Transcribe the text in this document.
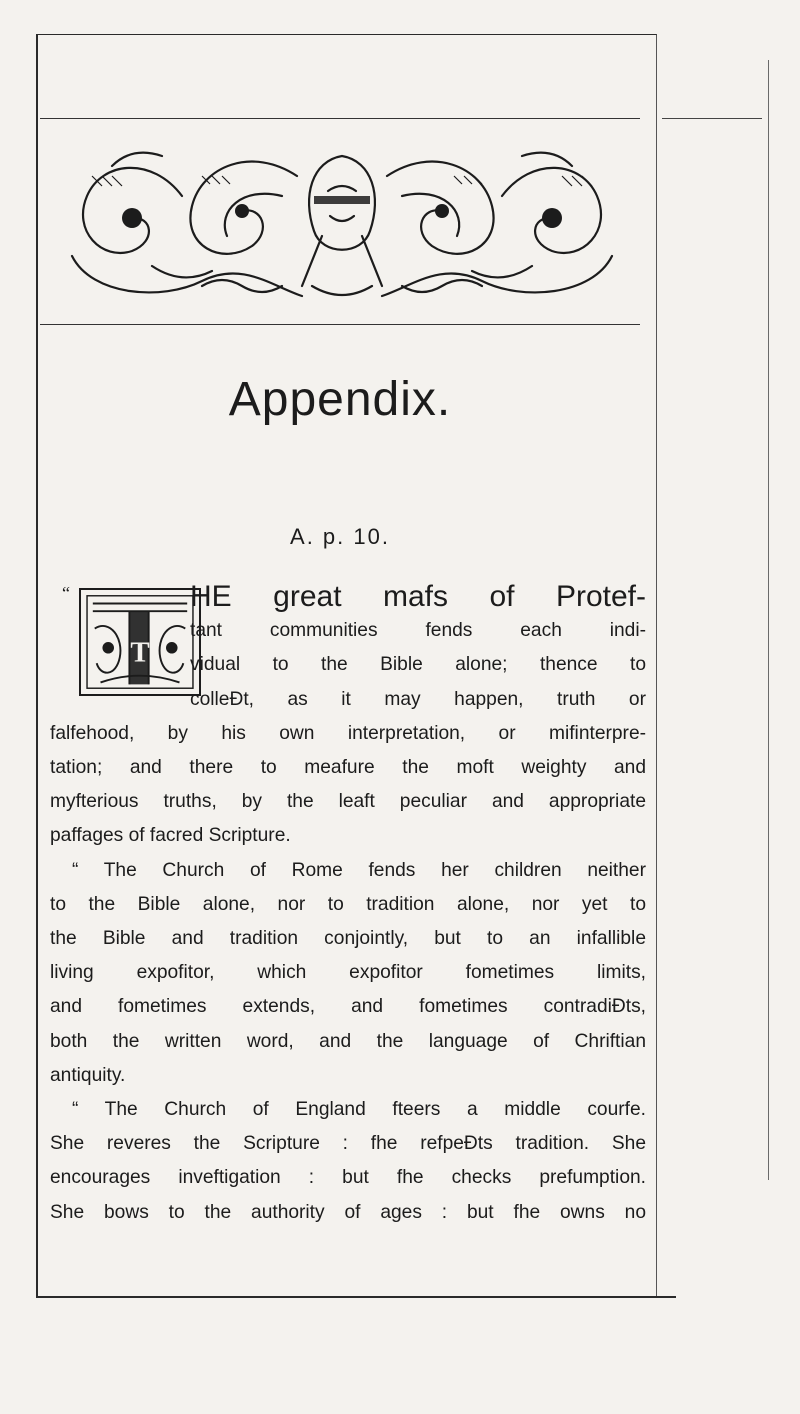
Appendix.
A. p. 10.
“
T
HE great mafs of Protef-
tant communities fends each indi-
vidual to the Bible alone; thence to
colleƉt, as it may happen, truth or
falfehood, by his own interpretation, or mifinterpre-
tation; and there to meafure the moft weighty and
myfterious truths, by the leaft peculiar and appropriate
paffages of facred Scripture.
“ The Church of Rome fends her children neither
to the Bible alone, nor to tradition alone, nor yet to
the Bible and tradition conjointly, but to an infallible
living expofitor, which expofitor fometimes limits,
and fometimes extends, and fometimes contradiƉts,
both the written word, and the language of Chriftian
antiquity.
“ The Church of England fteers a middle courfe.
She reveres the Scripture : fhe refpeƉts tradition. She
encourages inveftigation : but fhe checks prefumption.
She bows to the authority of ages : but fhe owns no
